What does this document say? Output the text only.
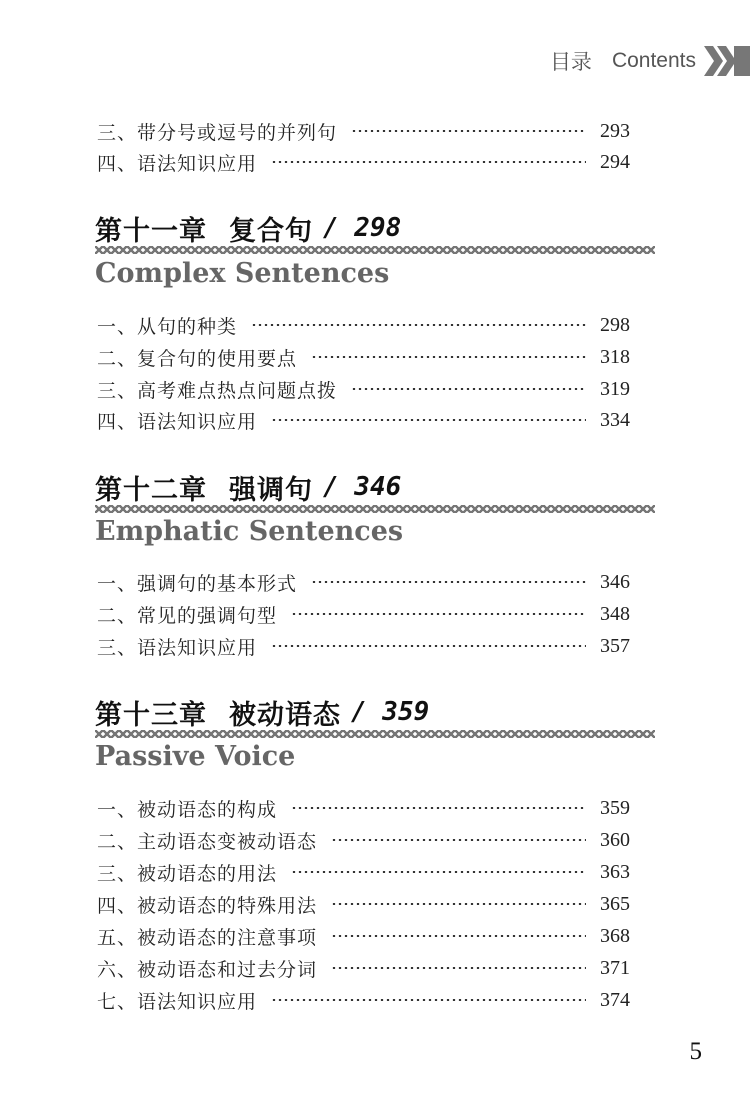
目录 Contents
三、带分号或逗号的并列句	293
四、语法知识应用	294
第十一章 复合句 / 298
Complex Sentences
一、从句的种类	298
二、复合句的使用要点	318
三、高考难点热点问题点拨	319
四、语法知识应用	334
第十二章 强调句 / 346
Emphatic Sentences
一、强调句的基本形式	346
二、常见的强调句型	348
三、语法知识应用	357
第十三章 被动语态 / 359
Passive Voice
一、被动语态的构成	359
二、主动语态变被动语态	360
三、被动语态的用法	363
四、被动语态的特殊用法	365
五、被动语态的注意事项	368
六、被动语态和过去分词	371
七、语法知识应用	374
5
